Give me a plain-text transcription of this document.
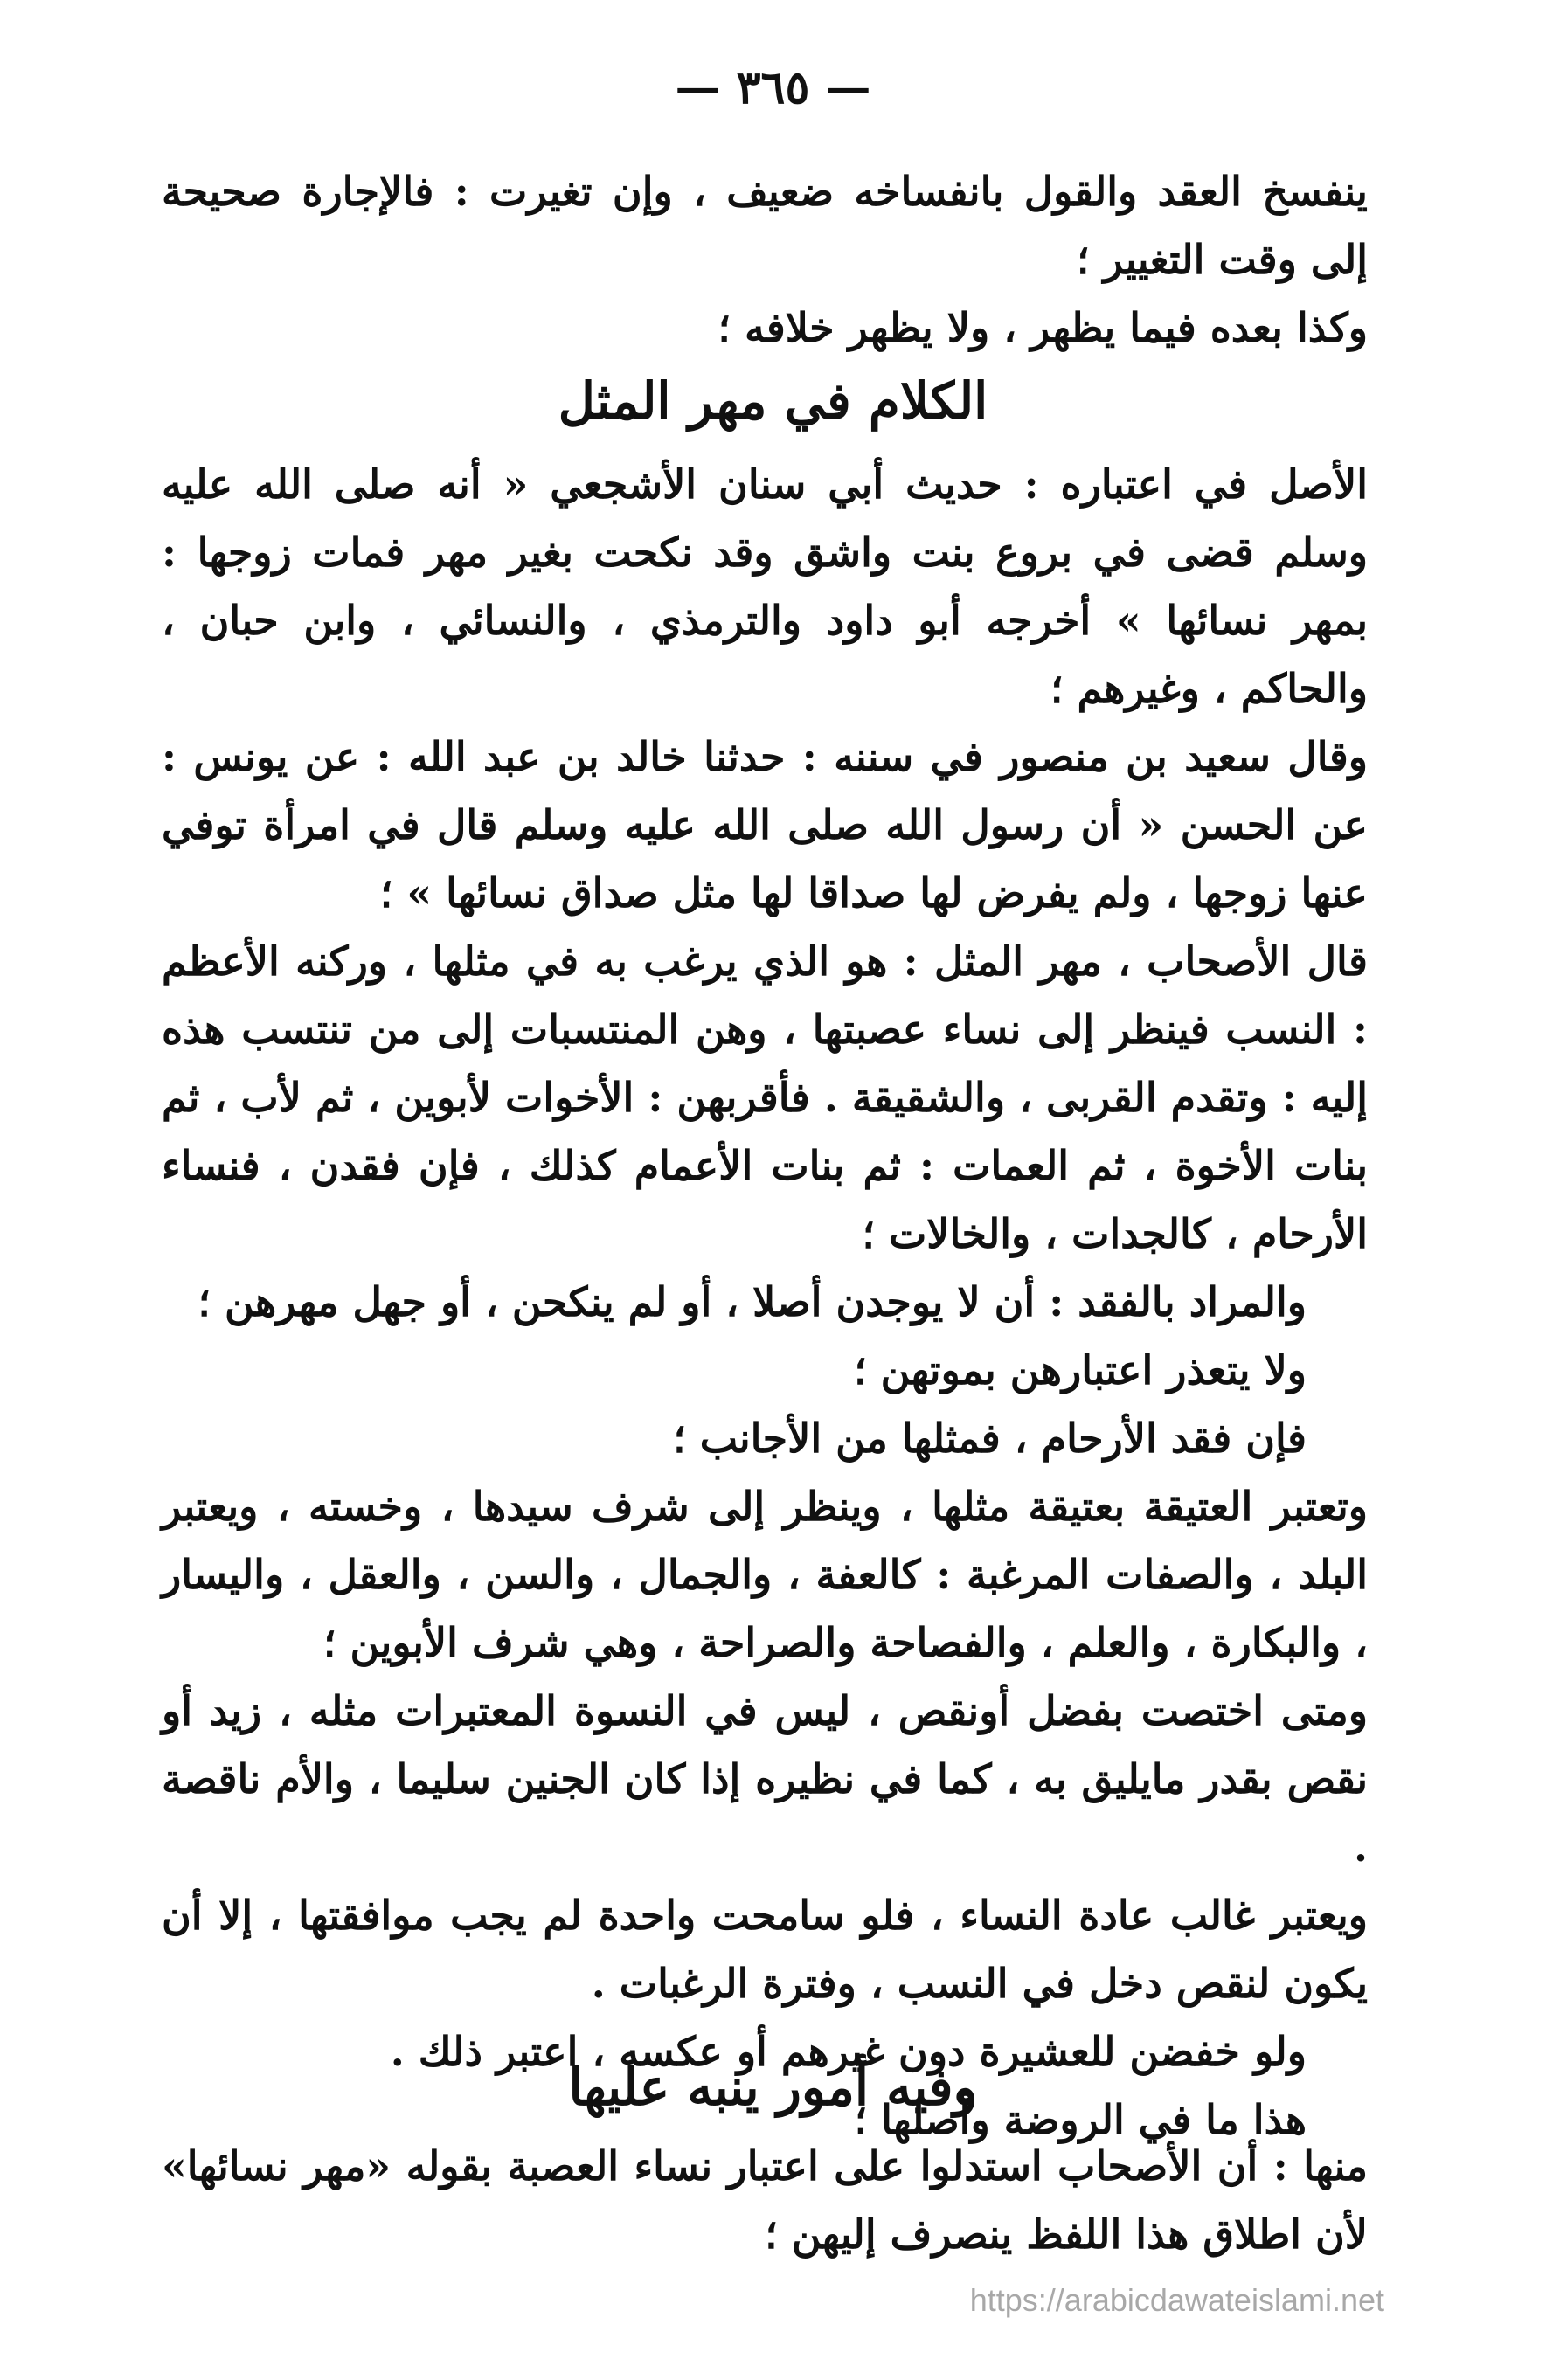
— ٣٦٥ —

ينفسخ العقد والقول بانفساخه ضعيف ، وإن تغيرت : فالإجارة صحيحة إلى وقت التغيير ؛

وكذا بعده فيما يظهر ، ولا يظهر خلافه ؛

الكلام في مهر المثل

الأصل في اعتباره : حديث أبي سنان الأشجعي « أنه صلى الله عليه وسلم قضى في بروع بنت واشق وقد نكحت بغير مهر فمات زوجها : بمهر نسائها » أخرجه أبو داود والترمذي ، والنسائي ، وابن حبان ، والحاكم ، وغيرهم ؛

وقال سعيد بن منصور في سننه : حدثنا خالد بن عبد الله : عن يونس : عن الحسن « أن رسول الله صلى الله عليه وسلم قال في امرأة توفي عنها زوجها ، ولم يفرض لها صداقا لها مثل صداق نسائها » ؛

قال الأصحاب ، مهر المثل : هو الذي يرغب به في مثلها ، وركنه الأعظم : النسب فينظر إلى نساء عصبتها ، وهن المنتسبات إلى من تنتسب هذه إليه : وتقدم القربى ، والشقيقة . فأقربهن : الأخوات لأبوين ، ثم لأب ، ثم بنات الأخوة ، ثم العمات : ثم بنات الأعمام كذلك ، فإن فقدن ، فنساء الأرحام ، كالجدات ، والخالات ؛

والمراد بالفقد : أن لا يوجدن أصلا ، أو لم ينكحن ، أو جهل مهرهن ؛

ولا يتعذر اعتبارهن بموتهن ؛

فإن فقد الأرحام ، فمثلها من الأجانب ؛

وتعتبر العتيقة بعتيقة مثلها ، وينظر إلى شرف سيدها ، وخسته ، ويعتبر البلد ، والصفات المرغبة : كالعفة ، والجمال ، والسن ، والعقل ، واليسار ، والبكارة ، والعلم ، والفصاحة والصراحة ، وهي شرف الأبوين ؛

ومتى اختصت بفضل أونقص ، ليس في النسوة المعتبرات مثله ، زيد أو نقص بقدر مايليق به ، كما في نظيره إذا كان الجنين سليما ، والأم ناقصة .

ويعتبر غالب عادة النساء ، فلو سامحت واحدة لم يجب موافقتها ، إلا أن يكون لنقص دخل في النسب ، وفترة الرغبات .

ولو خفضن للعشيرة دون غيرهم أو عكسه ، اعتبر ذلك .

هذا ما في الروضة وأصلها ؛

وفيه أمور ينبه عليها

منها : أن الأصحاب استدلوا على اعتبار نساء العصبة بقوله «مهر نسائها» لأن اطلاق هذا اللفظ ينصرف إليهن ؛

https://arabicdawateislami.net
